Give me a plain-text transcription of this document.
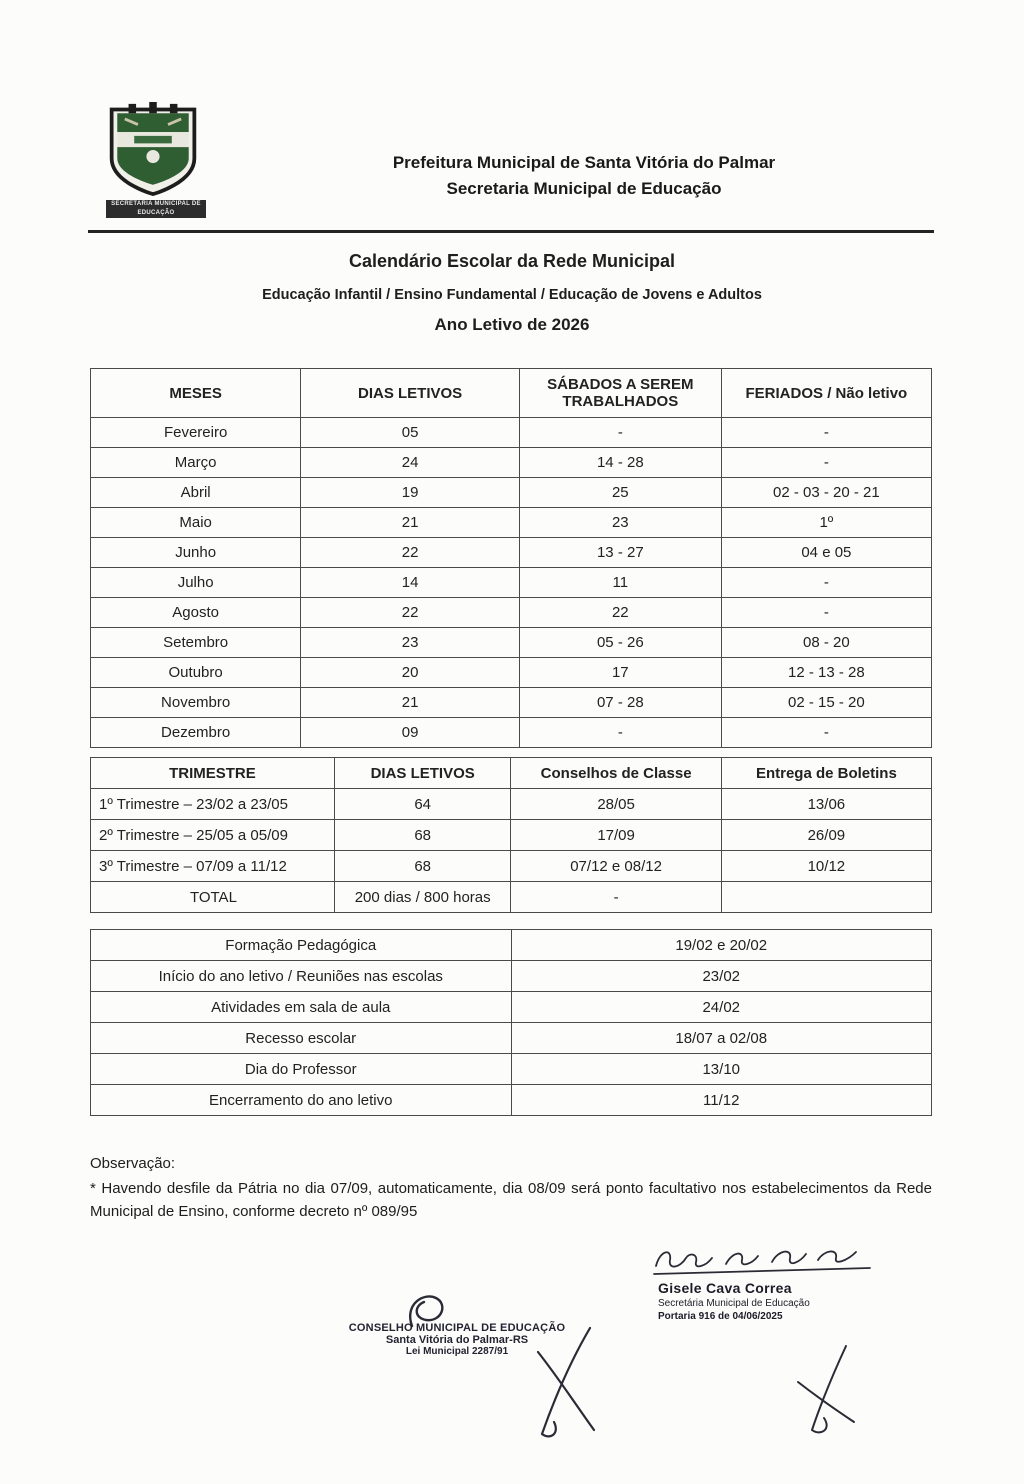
SECRETARIA MUNICIPAL DE EDUCAÇÃO
Prefeitura Municipal de Santa Vitória do Palmar
Secretaria Municipal de Educação
Calendário Escolar da Rede Municipal
Educação Infantil / Ensino Fundamental / Educação de Jovens e Adultos
Ano Letivo de 2026
MESES	DIAS LETIVOS	SÁBADOS A SEREM TRABALHADOS	FERIADOS / Não letivo
Fevereiro	05	-	-
Março	24	14 - 28	-
Abril	19	25	02 - 03 - 20 - 21
Maio	21	23	1º
Junho	22	13 - 27	04 e 05
Julho	14	11	-
Agosto	22	22	-
Setembro	23	05 - 26	08 - 20
Outubro	20	17	12 - 13 - 28
Novembro	21	07 - 28	02 - 15 - 20
Dezembro	09	-	-
TRIMESTRE	DIAS LETIVOS	Conselhos de Classe	Entrega de Boletins
1º Trimestre – 23/02 a 23/05	64	28/05	13/06
2º Trimestre – 25/05 a 05/09	68	17/09	26/09
3º Trimestre – 07/09 a 11/12	68	07/12 e 08/12	10/12
TOTAL	200 dias / 800 horas	-	
Formação Pedagógica	19/02 e 20/02
Início do ano letivo / Reuniões nas escolas	23/02
Atividades em sala de aula	24/02
Recesso escolar	18/07 a 02/08
Dia do Professor	13/10
Encerramento do ano letivo	11/12
Observação:
* Havendo desfile da Pátria no dia 07/09, automaticamente, dia 08/09 será ponto facultativo nos estabelecimentos da Rede Municipal de Ensino, conforme decreto nº 089/95
CONSELHO MUNICIPAL DE EDUCAÇÃO
Santa Vitória do Palmar-RS
Lei Municipal 2287/91
Gisele Cava Correa
Secretária Municipal de Educação
Portaria 916 de 04/06/2025
